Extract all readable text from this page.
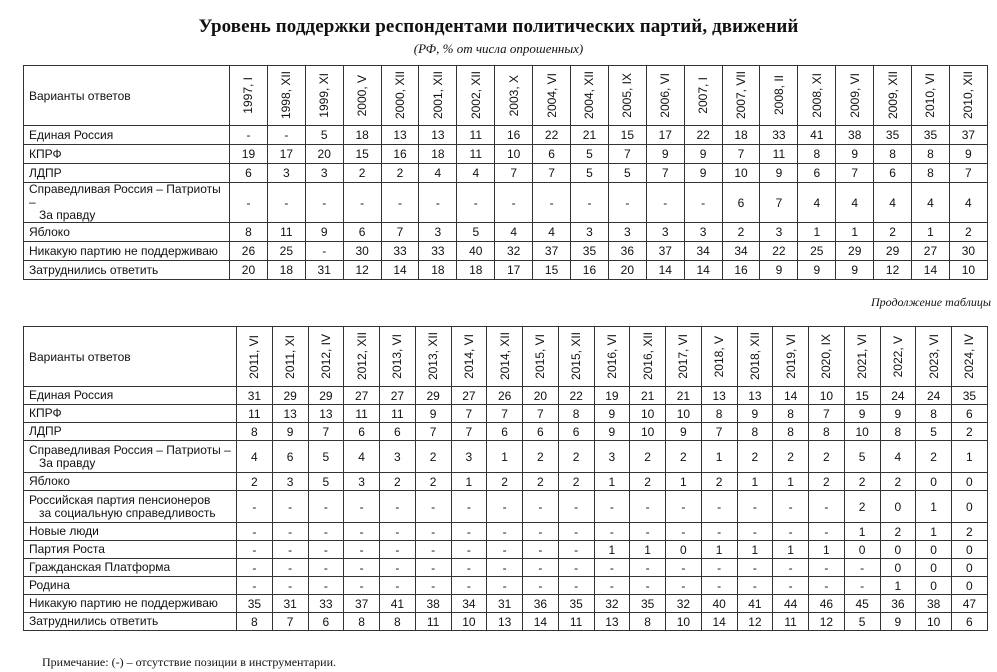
Уровень поддержки респондентами политических партий, движений
(РФ, % от числа опрошенных)
Варианты ответов	1997, I	1998, XII	1999, XI	2000, V	2000, XII	2001, XII	2002, XII	2003, X	2004, VI	2004, XII	2005, IX	2006, VI	2007, I	2007, VII	2008, II	2008, XI	2009, VI	2009, XII	2010, VI	2010, XII

Единая Россия	-	-	5	18	13	13	11	16	22	21	15	17	22	18	33	41	38	35	35	37

КПРФ	19	17	20	15	16	18	11	10	6	5	7	9	9	7	11	8	9	8	8	9

ЛДПР	6	3	3	2	2	4	4	7	7	5	5	7	9	10	9	6	7	6	8	7

Справедливая Россия – Патриоты –
За правду	-	-	-	-	-	-	-	-	-	-	-	-	-	6	7	4	4	4	4	4

Яблоко	8	11	9	6	7	3	5	4	4	3	3	3	3	2	3	1	1	2	1	2

Никакую партию не поддерживаю	26	25	-	30	33	33	40	32	37	35	36	37	34	34	22	25	29	29	27	30

Затруднились ответить	20	18	31	12	14	18	18	17	15	16	20	14	14	16	9	9	9	12	14	10
Продолжение таблицы
Варианты ответов	2011, VI	2011, XI	2012, IV	2012, XII	2013, VI	2013, XII	2014, VI	2014, XII	2015, VI	2015, XII	2016, VI	2016, XII	2017, VI	2018, V	2018, XII	2019, VI	2020, IX	2021, VI	2022, V	2023, VI	2024, IV

Единая Россия	31	29	29	27	27	29	27	26	20	22	19	21	21	13	13	14	10	15	24	24	35

КПРФ	11	13	13	11	11	9	7	7	7	8	9	10	10	8	9	8	7	9	9	8	6

ЛДПР	8	9	7	6	6	7	7	6	6	6	9	10	9	7	8	8	8	10	8	5	2

Справедливая Россия – Патриоты –
За правду	4	6	5	4	3	2	3	1	2	2	3	2	2	1	2	2	2	5	4	2	1

Яблоко	2	3	5	3	2	2	1	2	2	2	1	2	1	2	1	1	2	2	2	0	0

Российская партия пенсионеров
за социальную справедливость	-	-	-	-	-	-	-	-	-	-	-	-	-	-	-	-	-	2	0	1	0

Новые люди	-	-	-	-	-	-	-	-	-	-	-	-	-	-	-	-	-	1	2	1	2

Партия Роста	-	-	-	-	-	-	-	-	-	-	1	1	0	1	1	1	1	0	0	0	0

Гражданская Платформа	-	-	-	-	-	-	-	-	-	-	-	-	-	-	-	-	-	-	0	0	0

Родина	-	-	-	-	-	-	-	-	-	-	-	-	-	-	-	-	-	-	1	0	0

Никакую партию не поддерживаю	35	31	33	37	41	38	34	31	36	35	32	35	32	40	41	44	46	45	36	38	47

Затруднились ответить	8	7	6	8	8	11	10	13	14	11	13	8	10	14	12	11	12	5	9	10	6
Примечание: (-) – отсутствие позиции в инструментарии.
